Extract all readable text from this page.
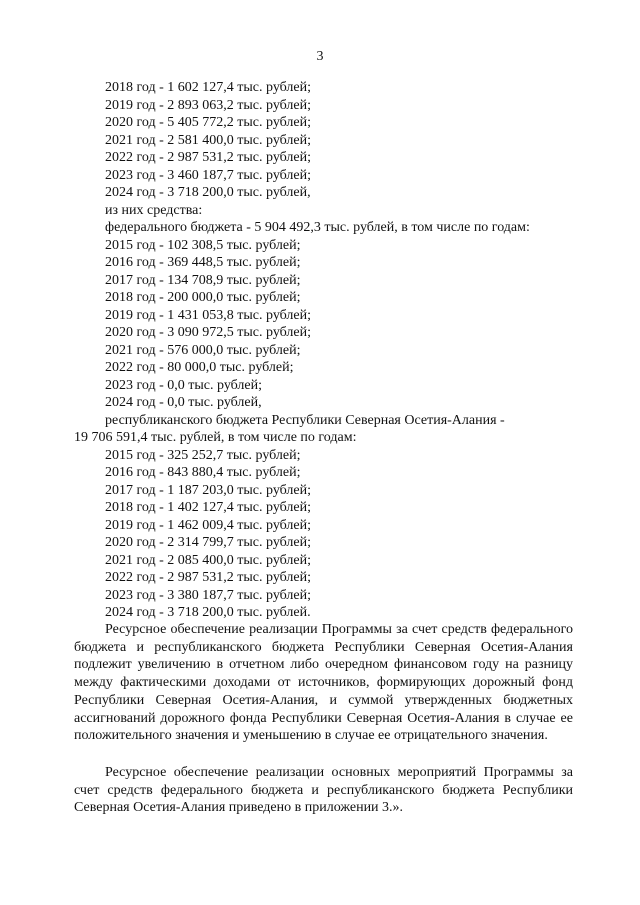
3
2018 год - 1 602 127,4 тыс. рублей;
2019 год - 2 893 063,2 тыс. рублей;
2020 год - 5 405 772,2 тыс. рублей;
2021 год - 2 581 400,0 тыс. рублей;
2022 год - 2 987 531,2 тыс. рублей;
2023 год - 3 460 187,7 тыс. рублей;
2024 год - 3 718 200,0 тыс. рублей,
из них средства:
федерального бюджета - 5 904 492,3 тыс. рублей, в том числе по годам:
2015 год - 102 308,5 тыс. рублей;
2016 год - 369 448,5 тыс. рублей;
2017 год - 134 708,9 тыс. рублей;
2018 год - 200 000,0 тыс. рублей;
2019 год - 1 431 053,8 тыс. рублей;
2020 год - 3 090 972,5 тыс. рублей;
2021 год - 576 000,0 тыс. рублей;
2022 год - 80 000,0 тыс. рублей;
2023 год - 0,0 тыс. рублей;
2024 год - 0,0 тыс. рублей,
республиканского бюджета Республики Северная Осетия-Алания -
19 706 591,4 тыс. рублей, в том числе по годам:
2015 год - 325 252,7 тыс. рублей;
2016 год - 843 880,4 тыс. рублей;
2017 год - 1 187 203,0 тыс. рублей;
2018 год - 1 402 127,4 тыс. рублей;
2019 год - 1 462 009,4 тыс. рублей;
2020 год - 2 314 799,7 тыс. рублей;
2021 год - 2 085 400,0 тыс. рублей;
2022 год - 2 987 531,2 тыс. рублей;
2023 год - 3 380 187,7 тыс. рублей;
2024 год - 3 718 200,0 тыс. рублей.

Ресурсное обеспечение реализации Программы за счет средств федерального бюджета и республиканского бюджета Республики Северная Осетия-Алания подлежит увеличению в отчетном либо очередном финансовом году на разницу между фактическими доходами от источников, формирующих дорожный фонд Республики Северная Осетия-Алания, и суммой утвержденных бюджетных ассигнований дорожного фонда Республики Северная Осетия-Алания в случае ее положительного значения и уменьшению в случае ее отрицательного значения.

Ресурсное обеспечение реализации основных мероприятий Программы за счет средств федерального бюджета и республиканского бюджета Республики Северная Осетия-Алания приведено в приложении 3.».
